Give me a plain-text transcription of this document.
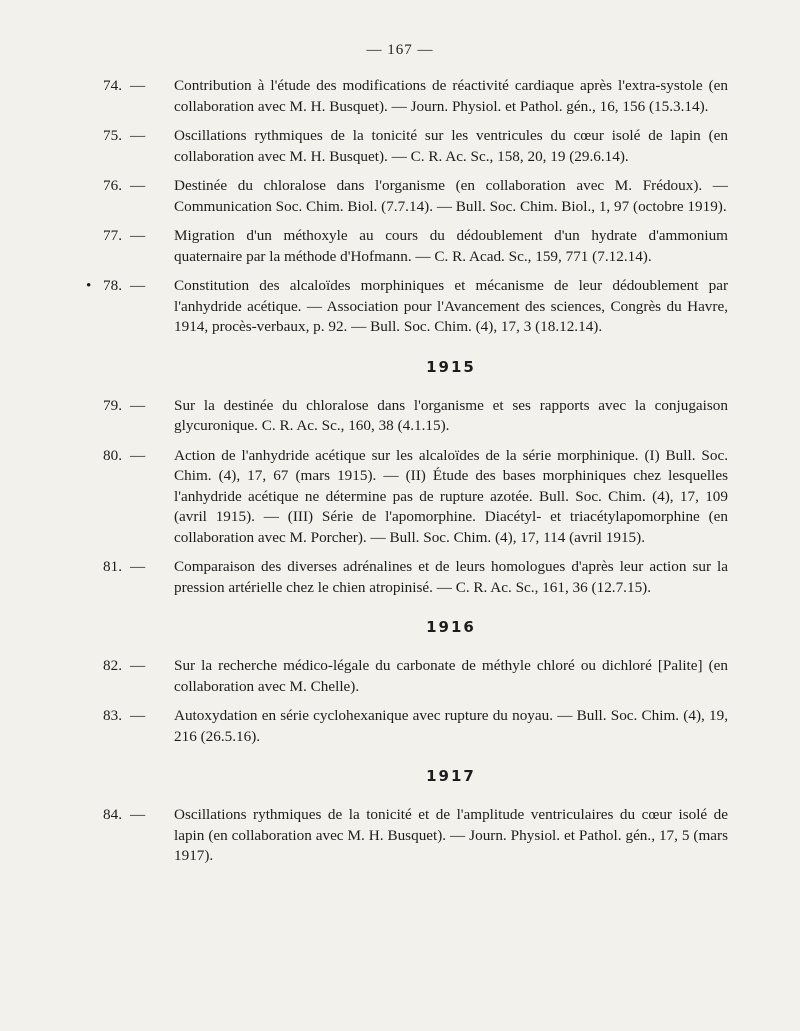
— 167 —
74. — Contribution à l'étude des modifications de réactivité cardiaque après l'extra-systole (en collaboration avec M. H. Busquet). — Journ. Physiol. et Pathol. gén., 16, 156 (15.3.14).
75. — Oscillations rythmiques de la tonicité sur les ventricules du cœur isolé de lapin (en collaboration avec M. H. Busquet). — C. R. Ac. Sc., 158, 20, 19 (29.6.14).
76. — Destinée du chloralose dans l'organisme (en collaboration avec M. Frédoux). — Communication Soc. Chim. Biol. (7.7.14). — Bull. Soc. Chim. Biol., 1, 97 (octobre 1919).
77. — Migration d'un méthoxyle au cours du dédoublement d'un hydrate d'ammonium quaternaire par la méthode d'Hofmann. — C. R. Acad. Sc., 159, 771 (7.12.14).
• 78. — Constitution des alcaloïdes morphiniques et mécanisme de leur dédoublement par l'anhydride acétique. — Association pour l'Avancement des sciences, Congrès du Havre, 1914, procès-verbaux, p. 92. — Bull. Soc. Chim. (4), 17, 3 (18.12.14).
1915
79. — Sur la destinée du chloralose dans l'organisme et ses rapports avec la conjugaison glycuronique. C. R. Ac. Sc., 160, 38 (4.1.15).
80. — Action de l'anhydride acétique sur les alcaloïdes de la série morphinique. (I) Bull. Soc. Chim. (4), 17, 67 (mars 1915). — (II) Étude des bases morphiniques chez lesquelles l'anhydride acétique ne détermine pas de rupture azotée. Bull. Soc. Chim. (4), 17, 109 (avril 1915). — (III) Série de l'apomorphine. Diacétyl- et triacétylapomorphine (en collaboration avec M. Porcher). — Bull. Soc. Chim. (4), 17, 114 (avril 1915).
81. — Comparaison des diverses adrénalines et de leurs homologues d'après leur action sur la pression artérielle chez le chien atropinisé. — C. R. Ac. Sc., 161, 36 (12.7.15).
1916
82. — Sur la recherche médico-légale du carbonate de méthyle chloré ou dichloré [Palite] (en collaboration avec M. Chelle).
83. — Autoxydation en série cyclohexanique avec rupture du noyau. — Bull. Soc. Chim. (4), 19, 216 (26.5.16).
1917
84. — Oscillations rythmiques de la tonicité et de l'amplitude ventriculaires du cœur isolé de lapin (en collaboration avec M. H. Busquet). — Journ. Physiol. et Pathol. gén., 17, 5 (mars 1917).
